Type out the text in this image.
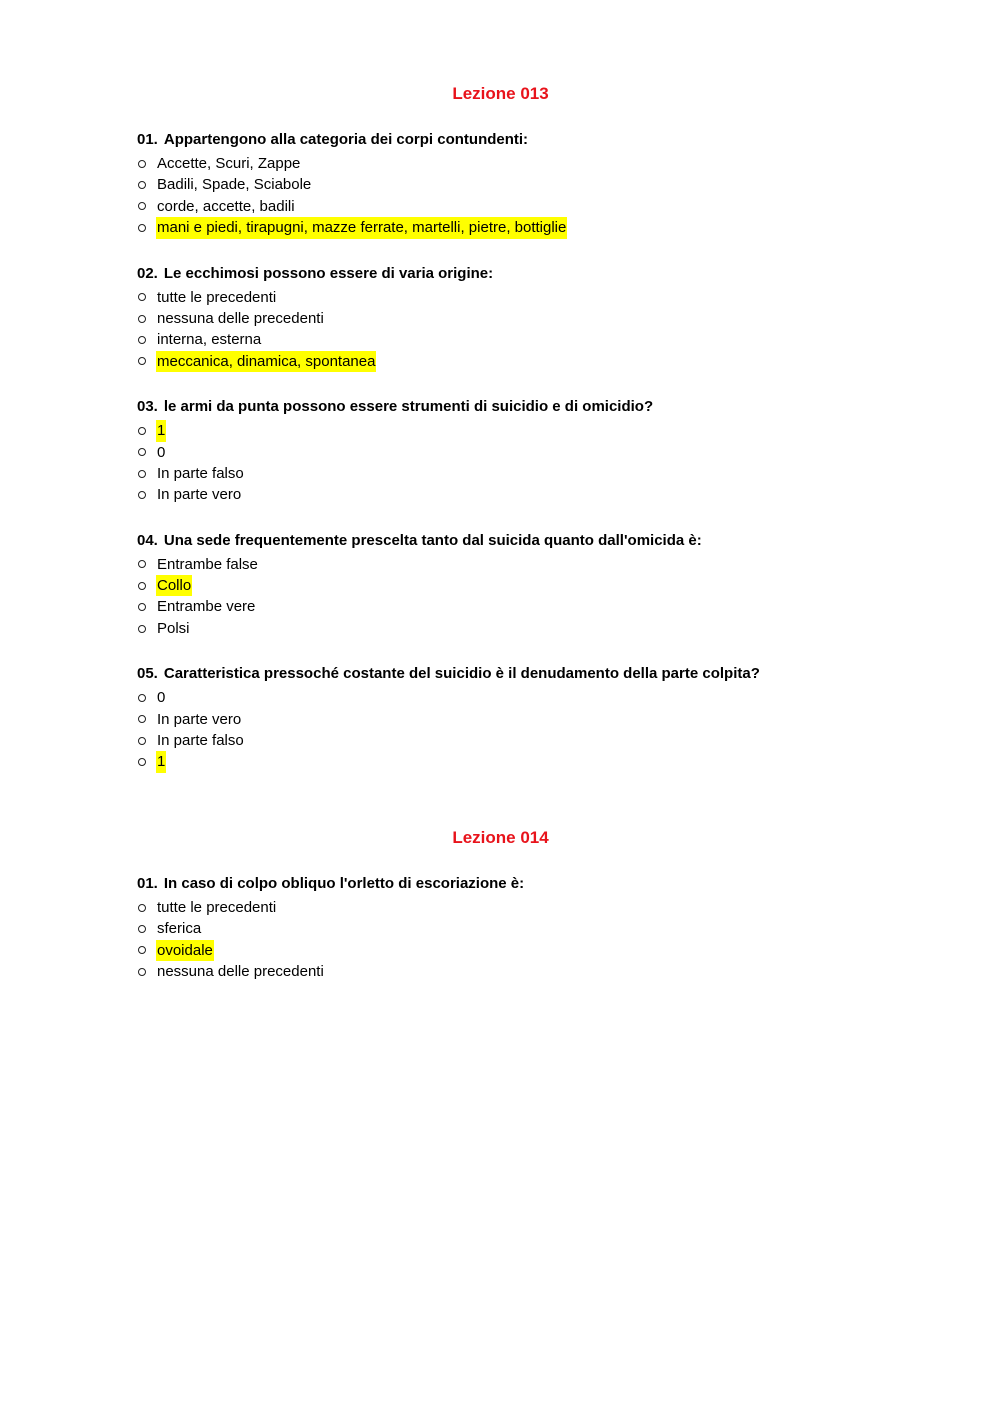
Lezione 013
01. Appartengono alla categoria dei corpi contundenti:
Accette, Scuri, Zappe
Badili, Spade, Sciabole
corde, accette, badili
mani e piedi, tirapugni, mazze ferrate, martelli, pietre, bottiglie
02. Le ecchimosi possono essere di varia origine:
tutte le precedenti
nessuna delle precedenti
interna, esterna
meccanica, dinamica, spontanea
03. le armi da punta possono essere strumenti di suicidio e di omicidio?
1
0
In parte falso
In parte vero
04. Una sede frequentemente prescelta tanto dal suicida quanto dall'omicida è:
Entrambe false
Collo
Entrambe vere
Polsi
05. Caratteristica pressoché costante del suicidio è il denudamento della parte colpita?
0
In parte vero
In parte falso
1
Lezione 014
01. In caso di colpo obliquo l'orletto di escoriazione è:
tutte le precedenti
sferica
ovoidale
nessuna delle precedenti
